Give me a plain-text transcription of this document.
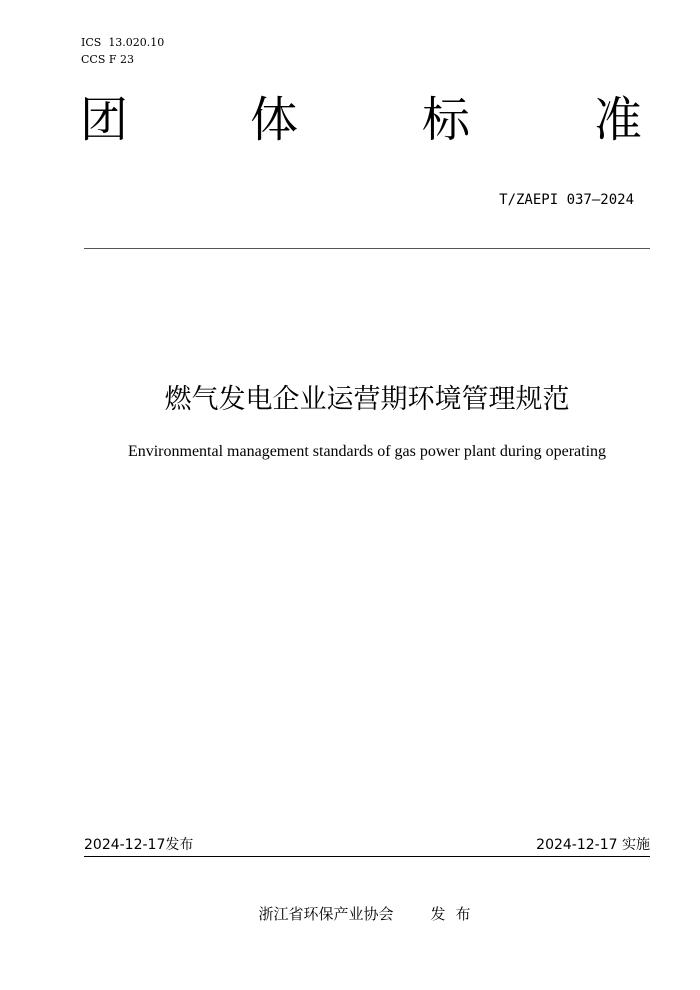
ICS 13.020.10
CCS F 23
团	体	标	准
T/ZAEPI 037—2024
燃气发电企业运营期环境管理规范
Environmental management standards of gas power plant during operating
2024-12-17发布	2024-12-17 实施
浙江省环保产业协会 发 布
